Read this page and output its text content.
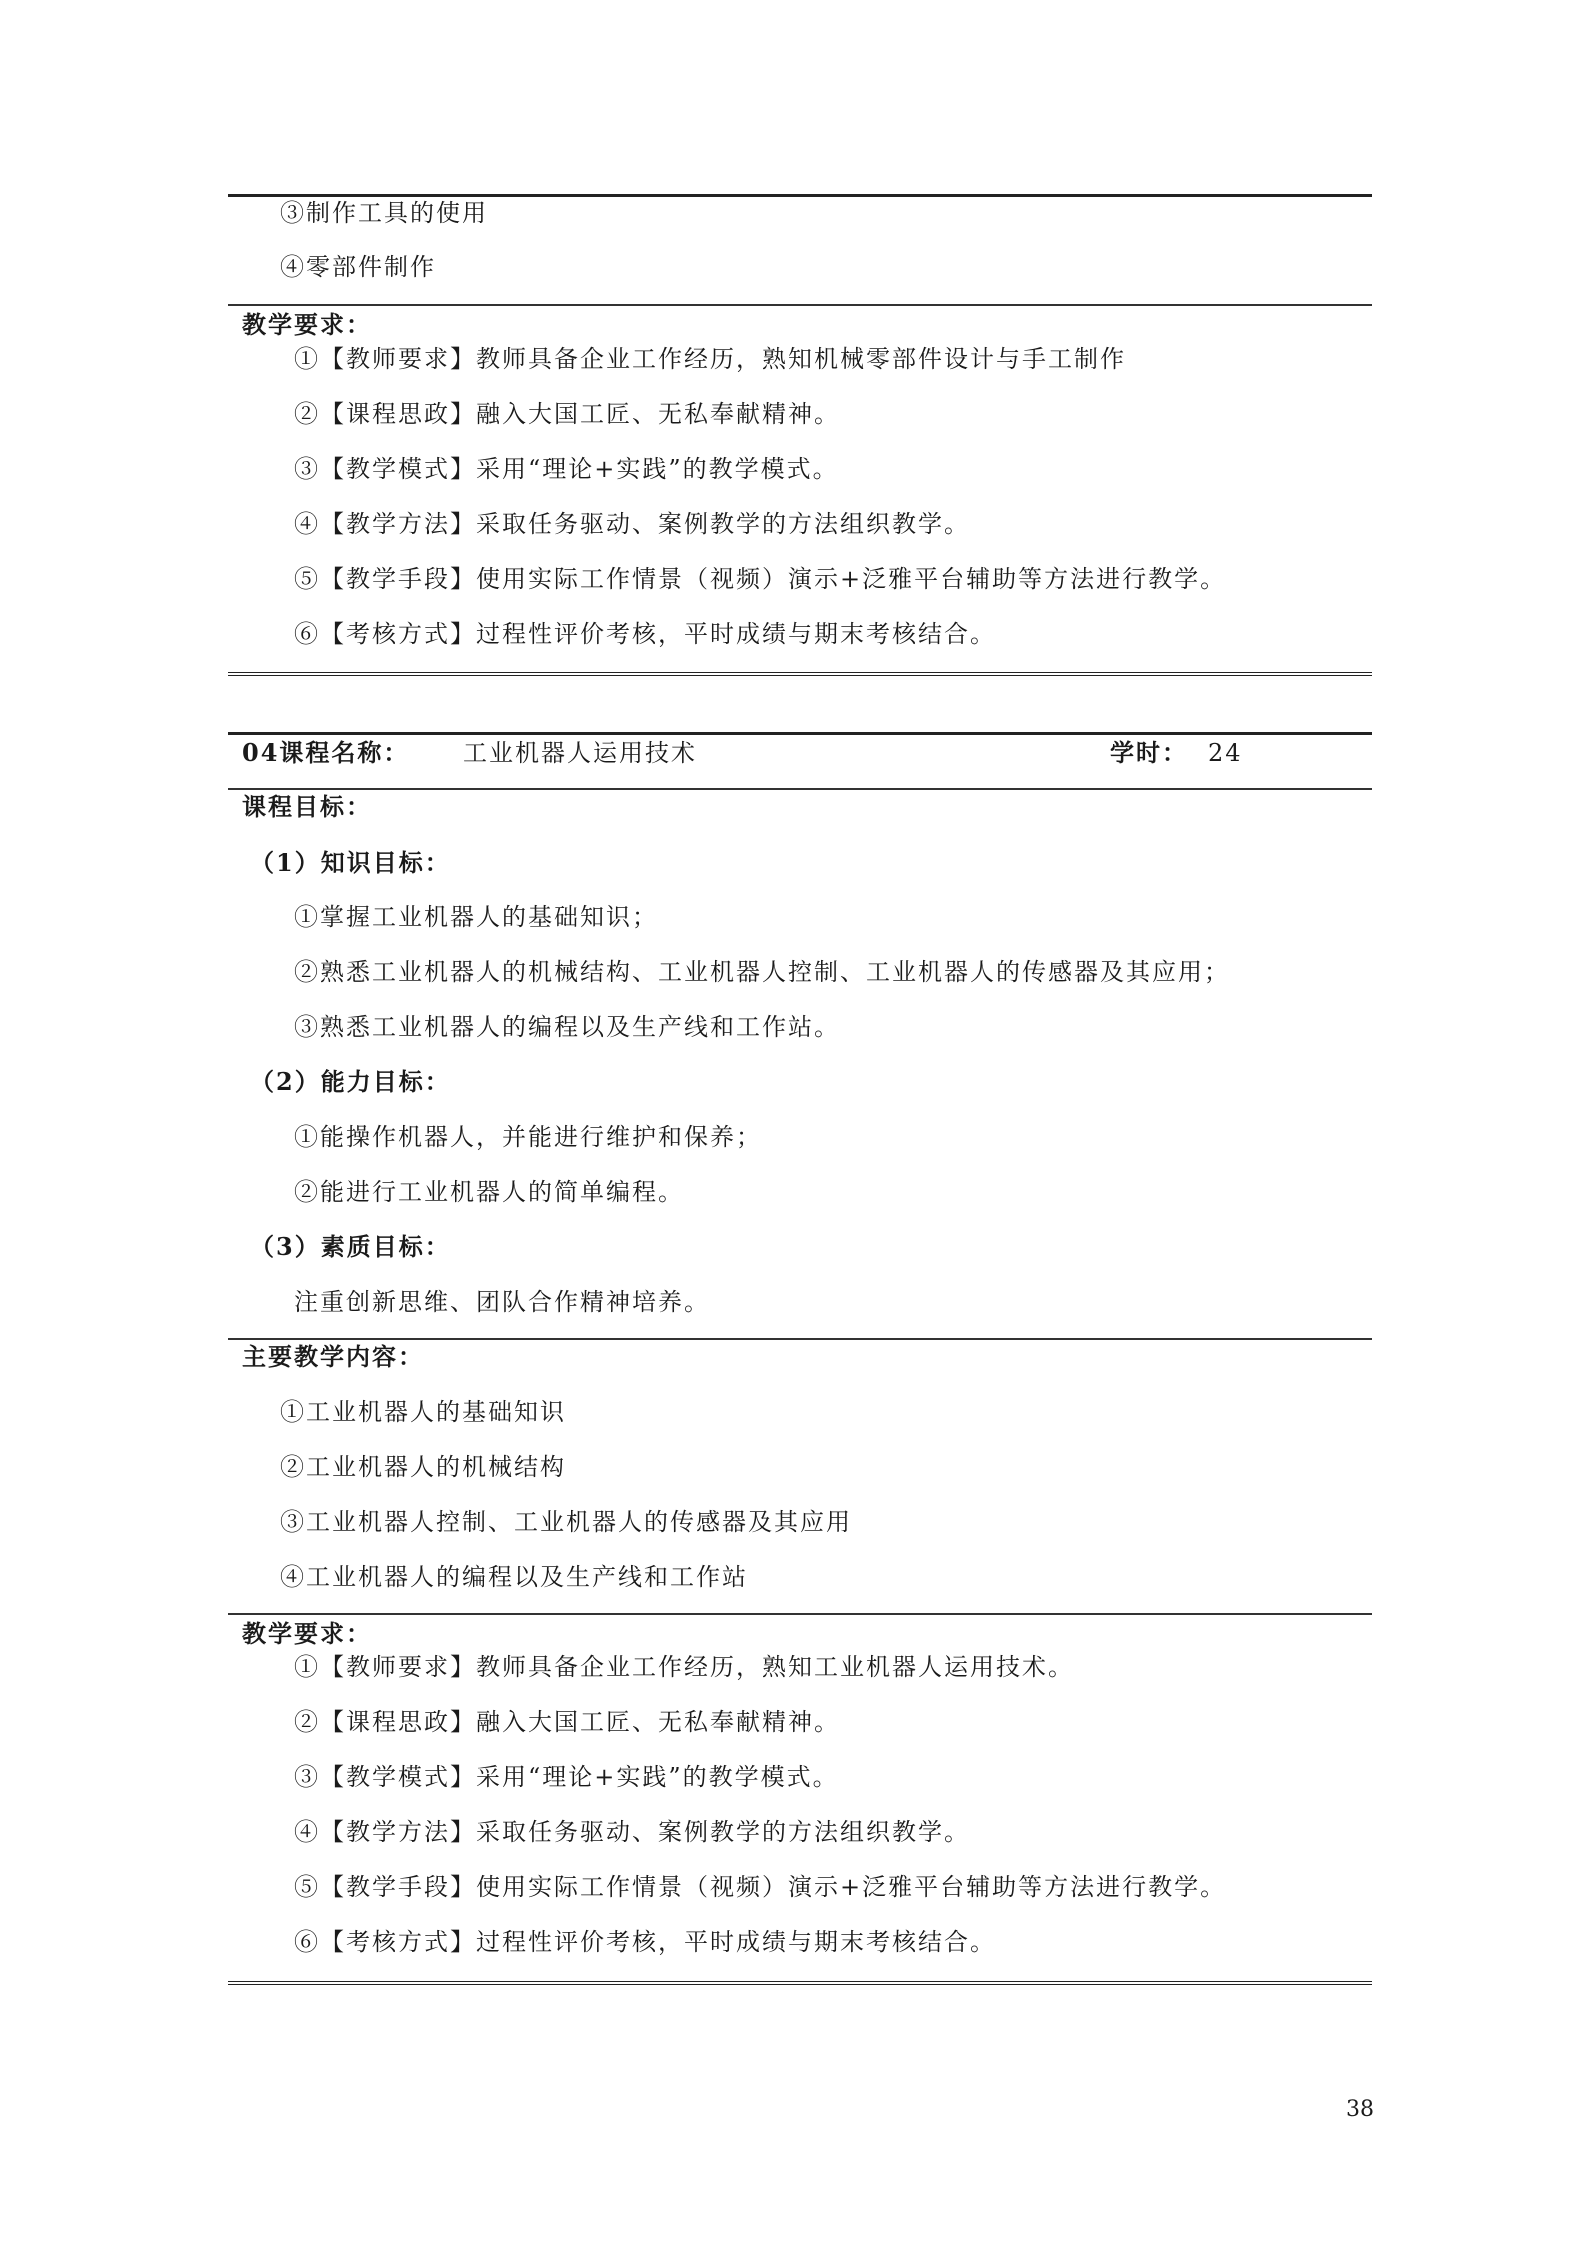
③制作工具的使用
④零部件制作
教学要求：
①【教师要求】教师具备企业工作经历，熟知机械零部件设计与手工制作
②【课程思政】融入大国工匠、无私奉献精神。
③【教学模式】采用“理论+实践”的教学模式。
④【教学方法】采取任务驱动、案例教学的方法组织教学。
⑤【教学手段】使用实际工作情景（视频）演示+泛雅平台辅助等方法进行教学。
⑥【考核方式】过程性评价考核，平时成绩与期末考核结合。
04课程名称： 工业机器人运用技术	学时： 24
课程目标：
（1）知识目标：
①掌握工业机器人的基础知识；
②熟悉工业机器人的机械结构、工业机器人控制、工业机器人的传感器及其应用；
③熟悉工业机器人的编程以及生产线和工作站。
（2）能力目标：
①能操作机器人，并能进行维护和保养；
②能进行工业机器人的简单编程。
（3）素质目标：
注重创新思维、团队合作精神培养。
主要教学内容：
①工业机器人的基础知识
②工业机器人的机械结构
③工业机器人控制、工业机器人的传感器及其应用
④工业机器人的编程以及生产线和工作站
教学要求：
①【教师要求】教师具备企业工作经历，熟知工业机器人运用技术。
②【课程思政】融入大国工匠、无私奉献精神。
③【教学模式】采用“理论+实践”的教学模式。
④【教学方法】采取任务驱动、案例教学的方法组织教学。
⑤【教学手段】使用实际工作情景（视频）演示+泛雅平台辅助等方法进行教学。
⑥【考核方式】过程性评价考核，平时成绩与期末考核结合。
38
